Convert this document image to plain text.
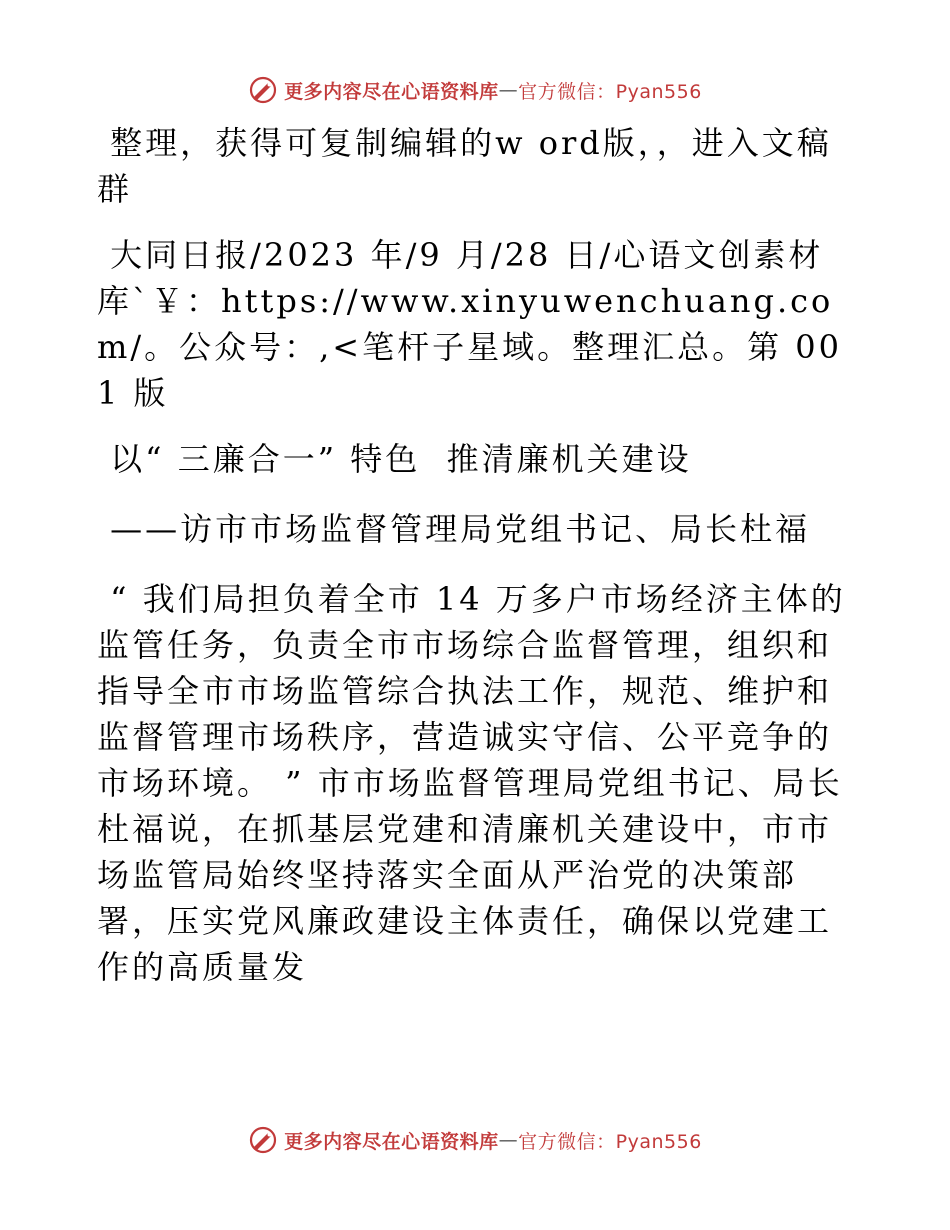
更多内容尽在心语资料库 — 官方微信：Pyan556

整理，获得可复制编辑的w ord版，，进入文稿群

大同日报/2023 年/9 月/28 日/心语文创素材库`￥：https://www.xinyuwenchuang.com/。公众号：,<笔杆子星域。整理汇总。第 001 版

以“ 三廉合一” 特色  推清廉机关建设

——访市市场监督管理局党组书记、局长杜福

“ 我们局担负着全市 14 万多户市场经济主体的监管任务，负责全市市场综合监督管理，组织和指导全市市场监管综合执法工作，规范、维护和监督管理市场秩序，营造诚实守信、公平竞争的市场环境。 ” 市市场监督管理局党组书记、局长杜福说，在抓基层党建和清廉机关建设中，市市场监管局始终坚持落实全面从严治党的决策部署，压实党风廉政建设主体责任，确保以党建工作的高质量发

更多内容尽在心语资料库 — 官方微信：Pyan556
